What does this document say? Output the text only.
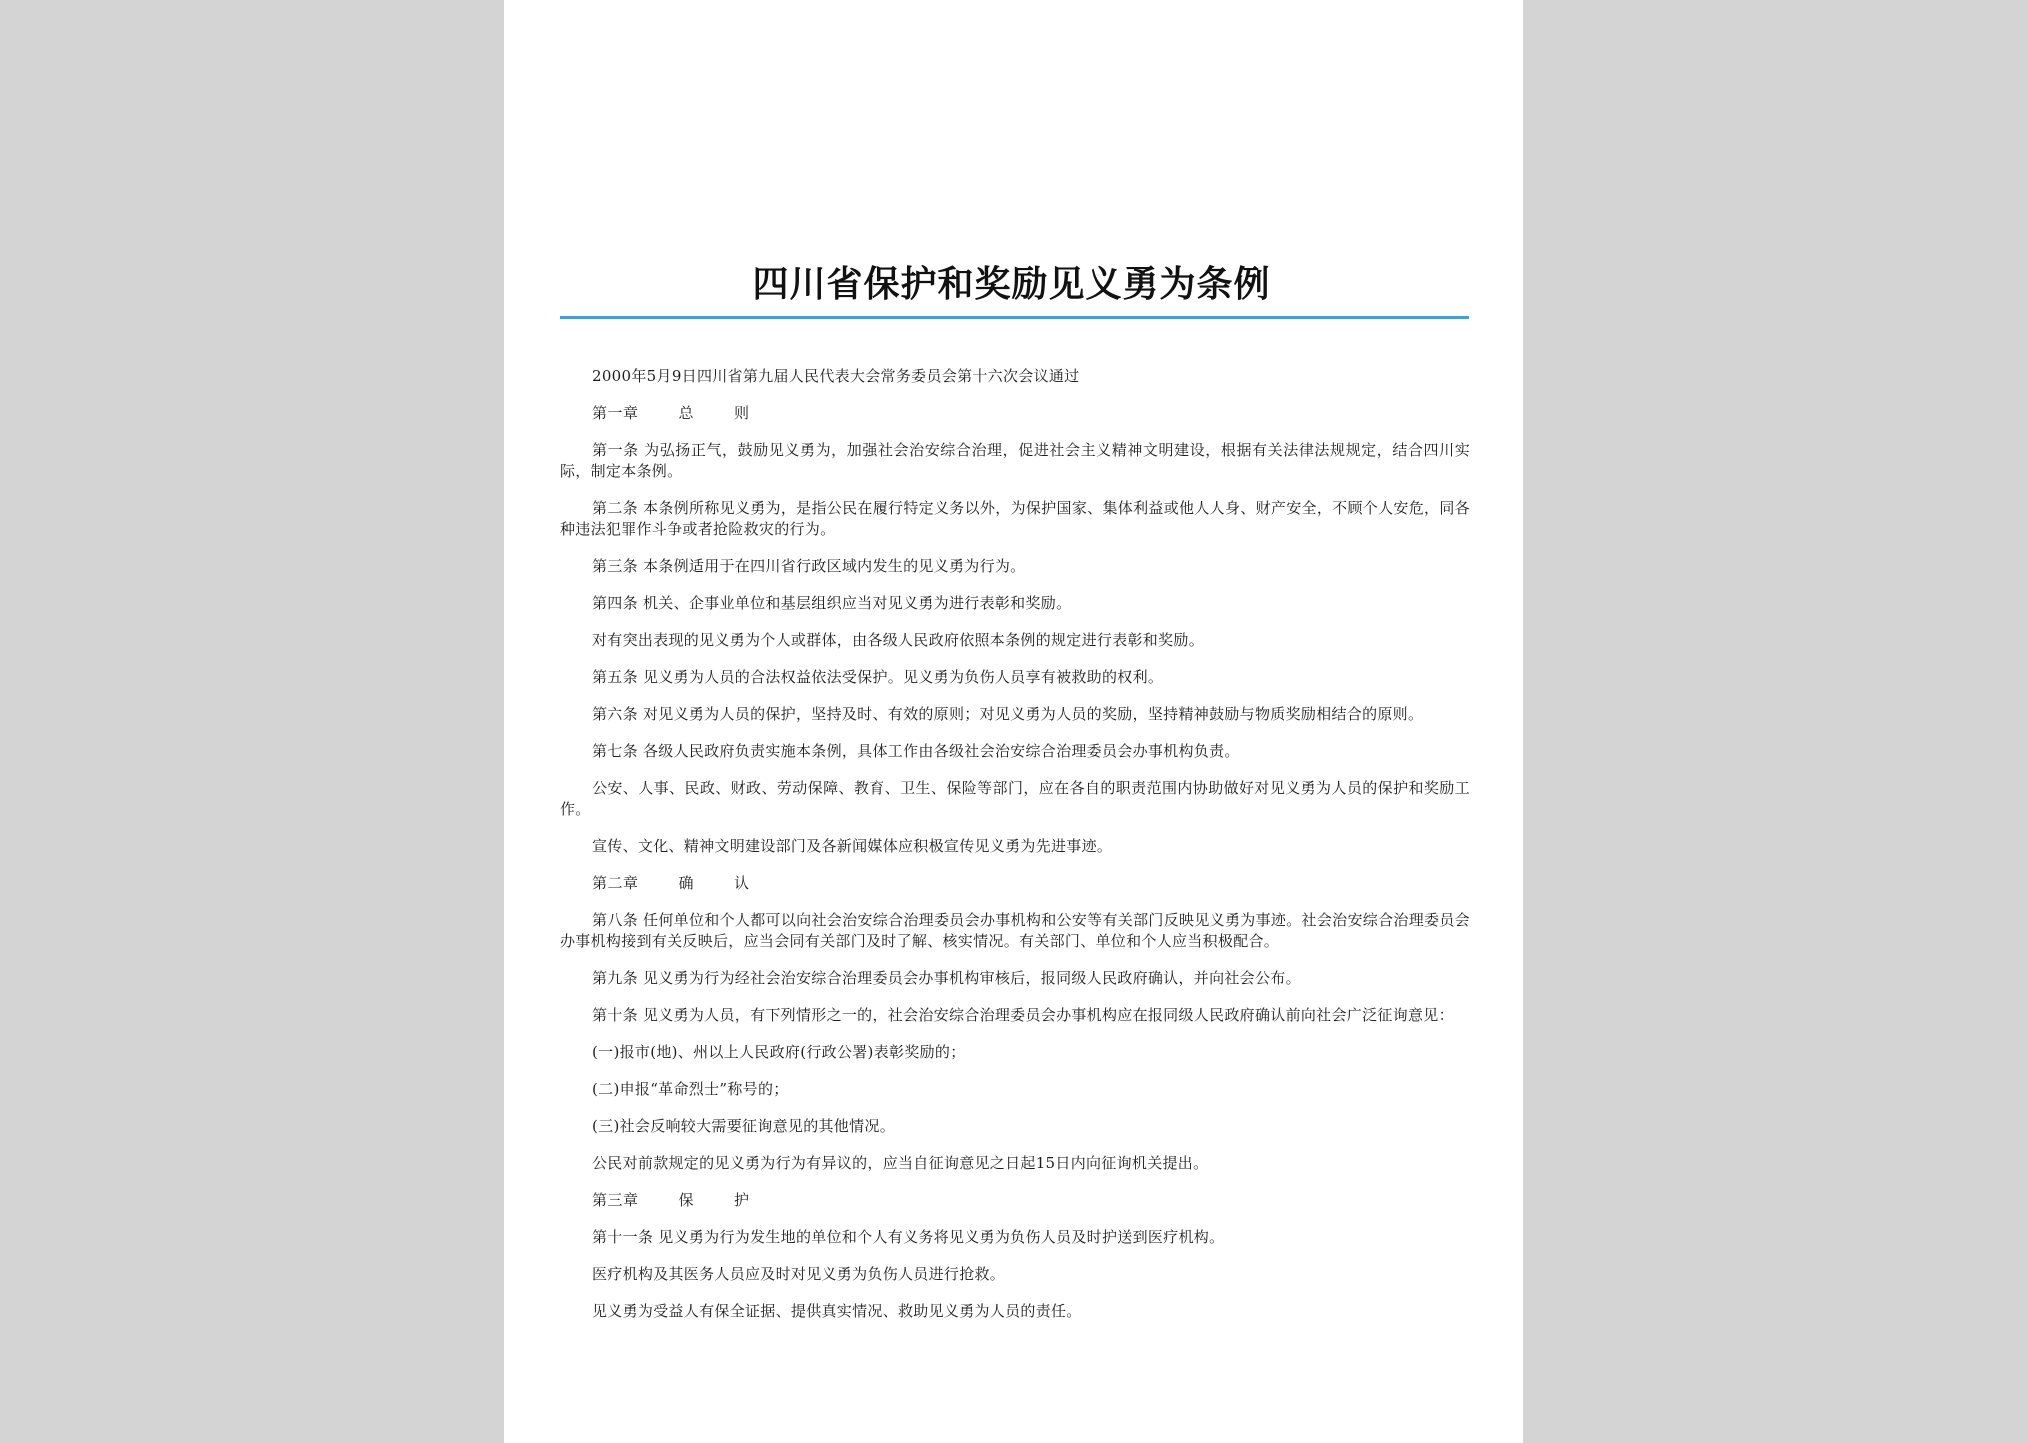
四川省保护和奖励见义勇为条例

2000年5月9日四川省第九届人民代表大会常务委员会第十六次会议通过

第一章	总	则

第一条 为弘扬正气，鼓励见义勇为，加强社会治安综合治理，促进社会主义精神文明建设，根据有关法律法规规定，结合四川实际，制定本条例。

第二条 本条例所称见义勇为，是指公民在履行特定义务以外，为保护国家、集体利益或他人人身、财产安全，不顾个人安危，同各种违法犯罪作斗争或者抢险救灾的行为。

第三条 本条例适用于在四川省行政区域内发生的见义勇为行为。

第四条 机关、企事业单位和基层组织应当对见义勇为进行表彰和奖励。

对有突出表现的见义勇为个人或群体，由各级人民政府依照本条例的规定进行表彰和奖励。

第五条 见义勇为人员的合法权益依法受保护。见义勇为负伤人员享有被救助的权利。

第六条 对见义勇为人员的保护，坚持及时、有效的原则；对见义勇为人员的奖励，坚持精神鼓励与物质奖励相结合的原则。

第七条 各级人民政府负责实施本条例，具体工作由各级社会治安综合治理委员会办事机构负责。

公安、人事、民政、财政、劳动保障、教育、卫生、保险等部门，应在各自的职责范围内协助做好对见义勇为人员的保护和奖励工作。

宣传、文化、精神文明建设部门及各新闻媒体应积极宣传见义勇为先进事迹。

第二章	确	认

第八条 任何单位和个人都可以向社会治安综合治理委员会办事机构和公安等有关部门反映见义勇为事迹。社会治安综合治理委员会办事机构接到有关反映后，应当会同有关部门及时了解、核实情况。有关部门、单位和个人应当积极配合。

第九条 见义勇为行为经社会治安综合治理委员会办事机构审核后，报同级人民政府确认，并向社会公布。

第十条 见义勇为人员，有下列情形之一的，社会治安综合治理委员会办事机构应在报同级人民政府确认前向社会广泛征询意见：

(一)报市(地)、州以上人民政府(行政公署)表彰奖励的；

(二)申报“革命烈士”称号的；

(三)社会反响较大需要征询意见的其他情况。

公民对前款规定的见义勇为行为有异议的，应当自征询意见之日起15日内向征询机关提出。

第三章	保	护

第十一条 见义勇为行为发生地的单位和个人有义务将见义勇为负伤人员及时护送到医疗机构。

医疗机构及其医务人员应及时对见义勇为负伤人员进行抢救。

见义勇为受益人有保全证据、提供真实情况、救助见义勇为人员的责任。
